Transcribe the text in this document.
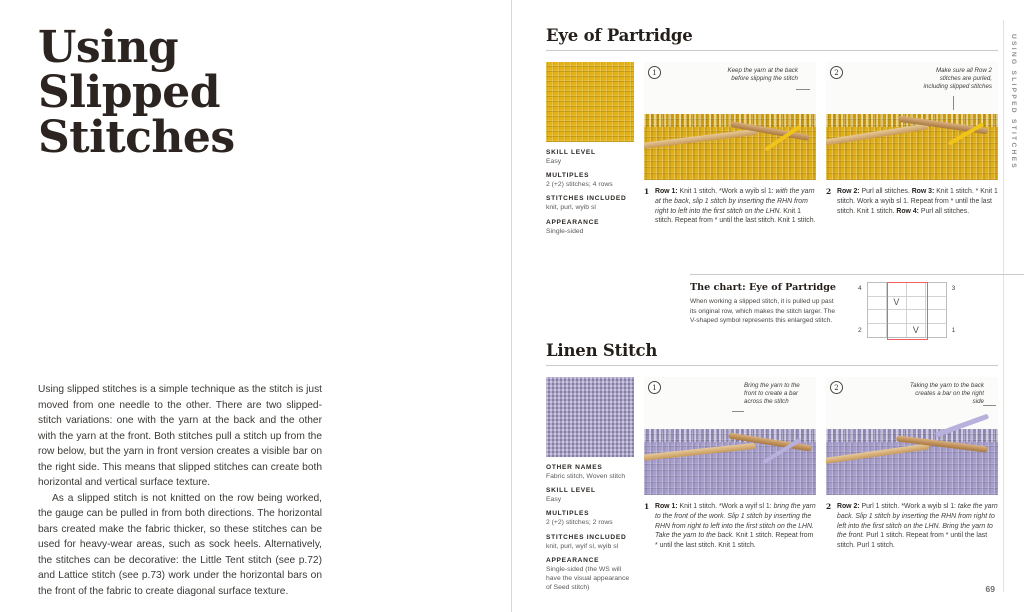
Using
Slipped
Stitches

Using slipped stitches is a simple technique as the stitch is just moved from one needle to the other. There are two slipped-stitch variations: one with the yarn at the back and the other with the yarn at the front. Both stitches pull a stitch up from the row below, but the yarn in front version creates a visible bar on the right side. This means that slipped stitches can create both horizontal and vertical surface texture.

As a slipped stitch is not knitted on the row being worked, the gauge can be pulled in from both directions. The horizontal bars created make the fabric thicker, so these stitches can be used for heavy-wear areas, such as sock heels. Alternatively, the stitches can be decorative: the Little Tent stitch (see p.72) and Lattice stitch (see p.73) work under the horizontal bars on the front of the fabric to create diagonal surface texture.

USING SLIPPED STITCHES
69
Eye of Partridge
SKILL LEVEL
Easy
MULTIPLES
2 (+2) stitches; 4 rows
STITCHES INCLUDED
knit, purl, wyib sl
APPEARANCE
Single-sided
1	Keep the yarn at the back before slipping the stitch
1 Row 1: Knit 1 stitch. *Work a wyib sl 1: with the yarn at the back, slip 1 stitch by inserting the RHN from right to left into the first stitch on the LHN. Knit 1 stitch. Repeat from * until the last stitch. Knit 1 stitch.
2	Make sure all Row 2 stitches are purled, including slipped stitches
2 Row 2: Purl all stitches. Row 3: Knit 1 stitch. * Knit 1 stitch. Work a wyib sl 1. Repeat from * until the last stitch. Knit 1 stitch. Row 4: Purl all stitches.
The chart: Eye of Partridge
When working a slipped stitch, it is pulled up past its original row, which makes the stitch larger. The V-shaped symbol represents this enlarged stitch.
4
2
V
V
3
1
Linen Stitch
OTHER NAMES
Fabric stitch, Woven stitch
SKILL LEVEL
Easy
MULTIPLES
2 (+2) stitches; 2 rows
STITCHES INCLUDED
knit, purl, wyif sl, wyib sl
APPEARANCE
Single-sided (the WS will have the visual appearance of Seed stitch)
1	Bring the yarn to the front to create a bar across the stitch
1 Row 1: Knit 1 stitch. *Work a wyif sl 1: bring the yarn to the front of the work. Slip 1 stitch by inserting the RHN from right to left into the first stitch on the LHN. Take the yarn to the back. Knit 1 stitch. Repeat from * until the last stitch. Knit 1 stitch.
2	Taking the yarn to the back creates a bar on the right side
2 Row 2: Purl 1 stitch. *Work a wyib sl 1: take the yarn back. Slip 1 stitch by inserting the RHN from right to left into the first stitch on the LHN. Bring the yarn to the front. Purl 1 stitch. Repeat from * until the last stitch. Purl 1 stitch.
